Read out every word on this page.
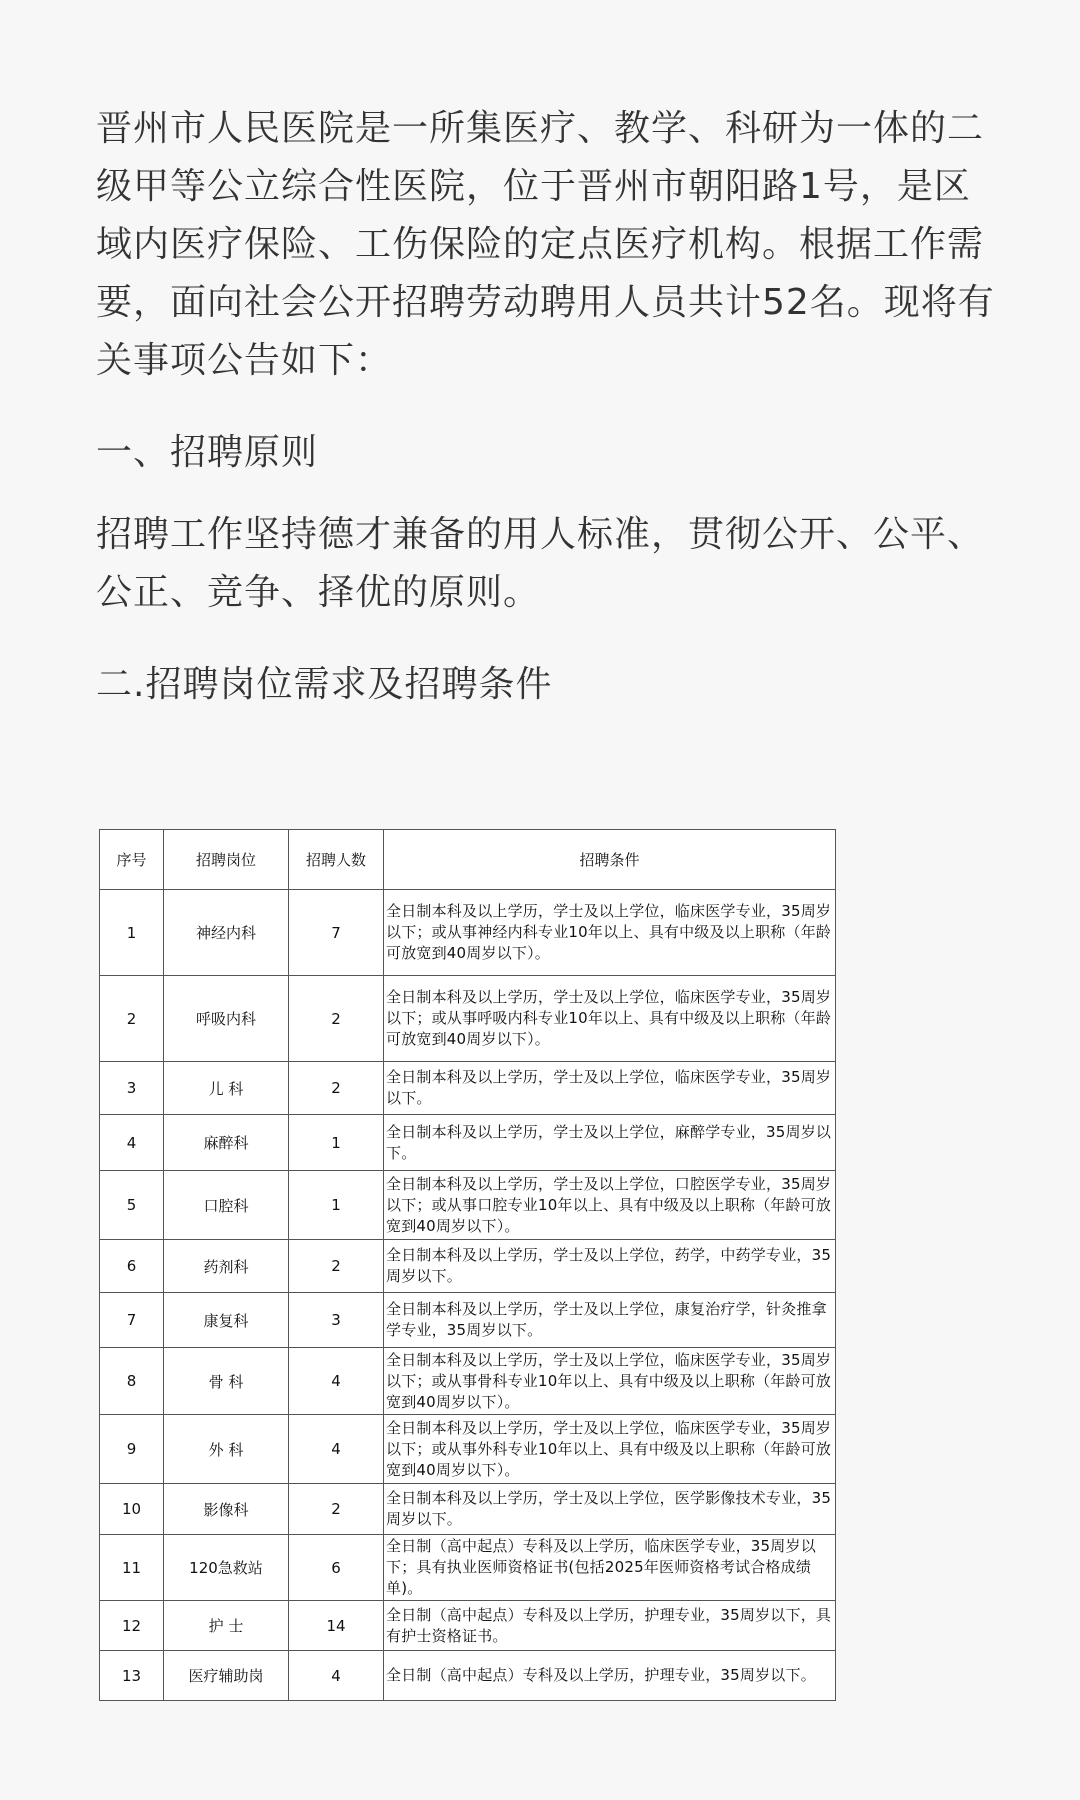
晋州市人民医院是一所集医疗、教学、科研为一体的二级甲等公立综合性医院，位于晋州市朝阳路1号，是区域内医疗保险、工伤保险的定点医疗机构。根据工作需要，面向社会公开招聘劳动聘用人员共计52名。现将有关事项公告如下：

一、招聘原则

招聘工作坚持德才兼备的用人标准，贯彻公开、公平、公正、竞争、择优的原则。

二.招聘岗位需求及招聘条件

序号	招聘岗位	招聘人数	招聘条件
1	神经内科	7	全日制本科及以上学历，学士及以上学位，临床医学专业，35周岁以下；或从事神经内科专业10年以上、具有中级及以上职称（年龄可放宽到40周岁以下）。
2	呼吸内科	2	全日制本科及以上学历，学士及以上学位，临床医学专业，35周岁以下；或从事呼吸内科专业10年以上、具有中级及以上职称（年龄可放宽到40周岁以下）。
3	儿 科	2	全日制本科及以上学历，学士及以上学位，临床医学专业，35周岁以下。
4	麻醉科	1	全日制本科及以上学历，学士及以上学位，麻醉学专业，35周岁以下。
5	口腔科	1	全日制本科及以上学历，学士及以上学位，口腔医学专业，35周岁以下；或从事口腔专业10年以上、具有中级及以上职称（年龄可放宽到40周岁以下）。
6	药剂科	2	全日制本科及以上学历，学士及以上学位，药学，中药学专业，35周岁以下。
7	康复科	3	全日制本科及以上学历，学士及以上学位，康复治疗学，针灸推拿学专业，35周岁以下。
8	骨 科	4	全日制本科及以上学历，学士及以上学位，临床医学专业，35周岁以下；或从事骨科专业10年以上、具有中级及以上职称（年龄可放宽到40周岁以下）。
9	外 科	4	全日制本科及以上学历，学士及以上学位，临床医学专业，35周岁以下；或从事外科专业10年以上、具有中级及以上职称（年龄可放宽到40周岁以下）。
10	影像科	2	全日制本科及以上学历，学士及以上学位，医学影像技术专业，35周岁以下。
11	120急救站	6	全日制（高中起点）专科及以上学历，临床医学专业，35周岁以下；具有执业医师资格证书(包括2025年医师资格考试合格成绩单)。
12	护 士	14	全日制（高中起点）专科及以上学历，护理专业，35周岁以下，具有护士资格证书。
13	医疗辅助岗	4	全日制（高中起点）专科及以上学历，护理专业，35周岁以下。
